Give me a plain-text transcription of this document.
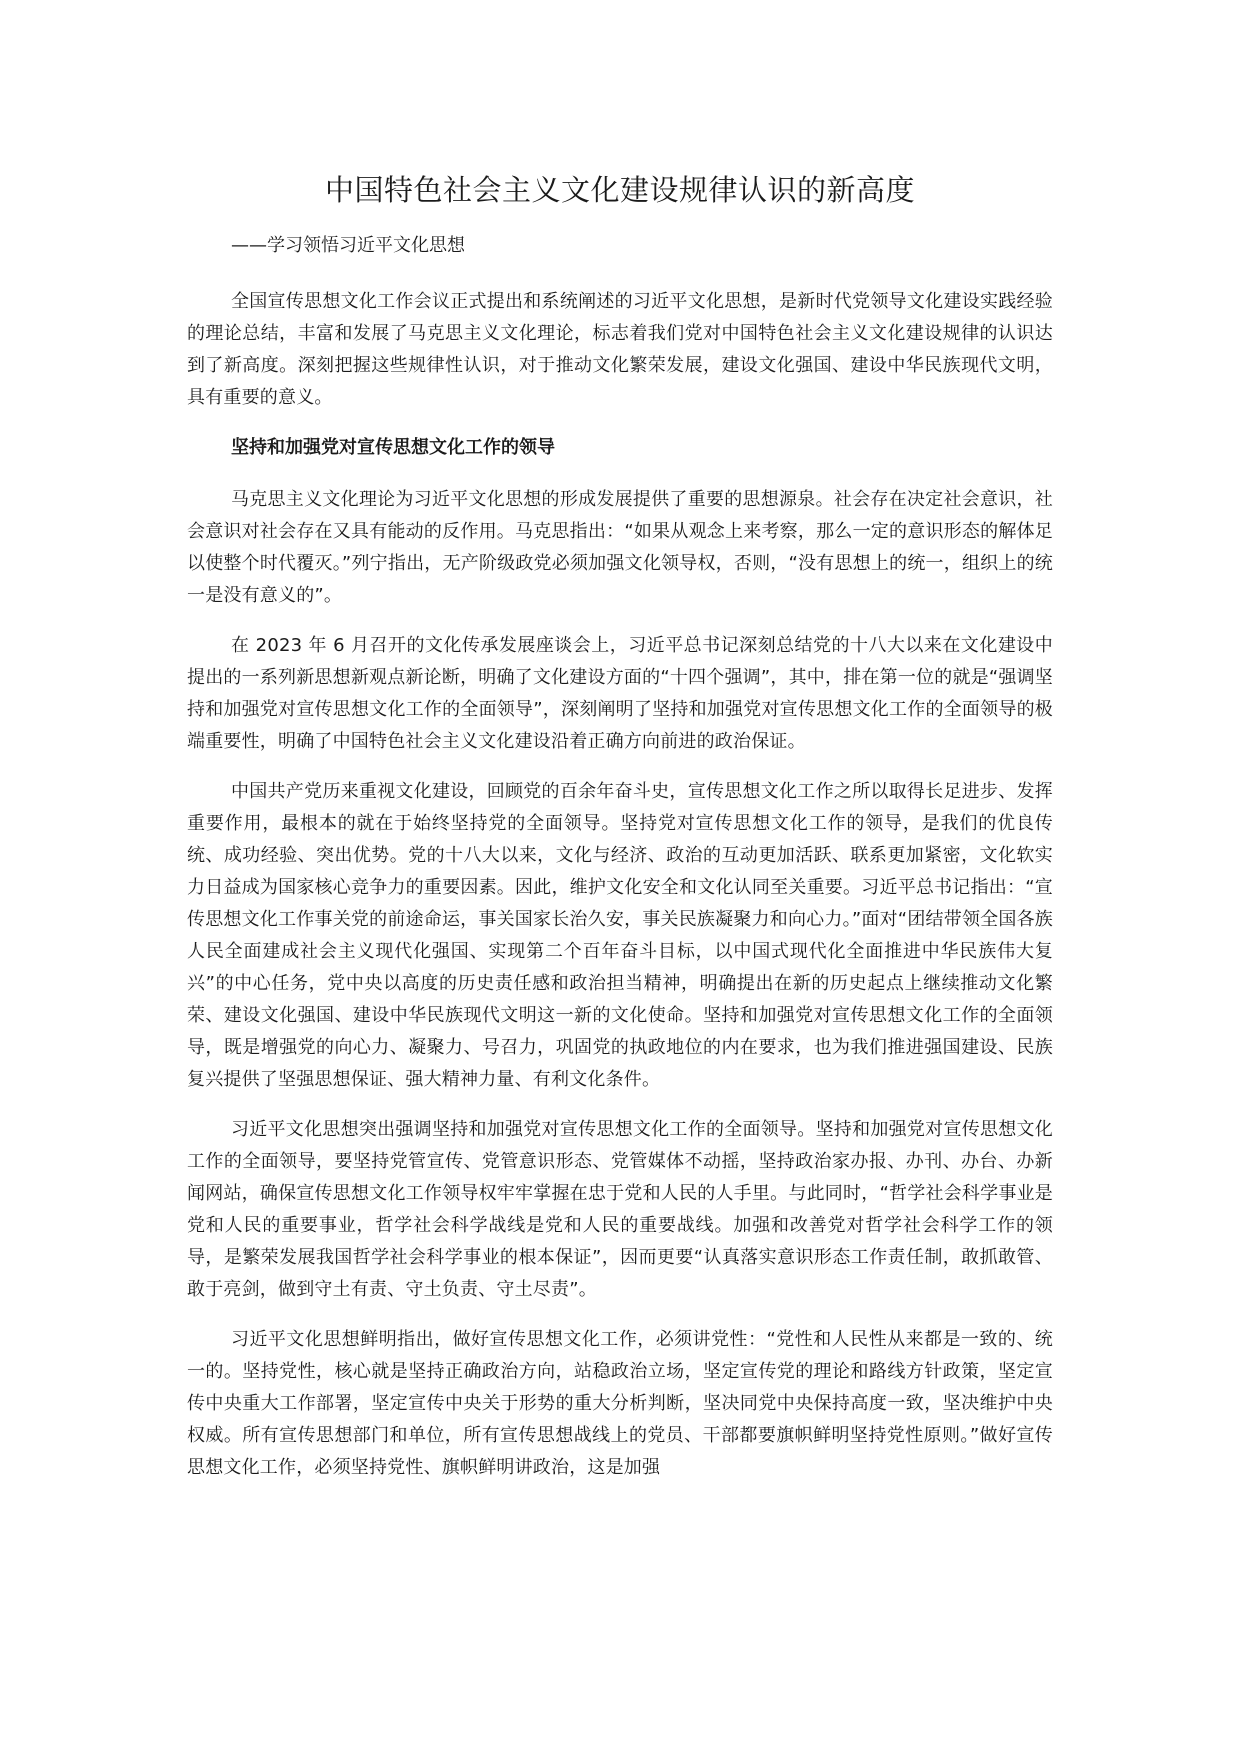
中国特色社会主义文化建设规律认识的新高度
——学习领悟习近平文化思想

全国宣传思想文化工作会议正式提出和系统阐述的习近平文化思想，是新时代党领导文化建设实践经验的理论总结，丰富和发展了马克思主义文化理论，标志着我们党对中国特色社会主义文化建设规律的认识达到了新高度。深刻把握这些规律性认识，对于推动文化繁荣发展，建设文化强国、建设中华民族现代文明，具有重要的意义。

坚持和加强党对宣传思想文化工作的领导

马克思主义文化理论为习近平文化思想的形成发展提供了重要的思想源泉。社会存在决定社会意识，社会意识对社会存在又具有能动的反作用。马克思指出：“如果从观念上来考察，那么一定的意识形态的解体足以使整个时代覆灭。”列宁指出，无产阶级政党必须加强文化领导权，否则，“没有思想上的统一，组织上的统一是没有意义的”。

在 2023 年 6 月召开的文化传承发展座谈会上，习近平总书记深刻总结党的十八大以来在文化建设中提出的一系列新思想新观点新论断，明确了文化建设方面的“十四个强调”，其中，排在第一位的就是“强调坚持和加强党对宣传思想文化工作的全面领导”，深刻阐明了坚持和加强党对宣传思想文化工作的全面领导的极端重要性，明确了中国特色社会主义文化建设沿着正确方向前进的政治保证。

中国共产党历来重视文化建设，回顾党的百余年奋斗史，宣传思想文化工作之所以取得长足进步、发挥重要作用，最根本的就在于始终坚持党的全面领导。坚持党对宣传思想文化工作的领导，是我们的优良传统、成功经验、突出优势。党的十八大以来，文化与经济、政治的互动更加活跃、联系更加紧密，文化软实力日益成为国家核心竞争力的重要因素。因此，维护文化安全和文化认同至关重要。习近平总书记指出：“宣传思想文化工作事关党的前途命运，事关国家长治久安，事关民族凝聚力和向心力。”面对“团结带领全国各族人民全面建成社会主义现代化强国、实现第二个百年奋斗目标，以中国式现代化全面推进中华民族伟大复兴”的中心任务，党中央以高度的历史责任感和政治担当精神，明确提出在新的历史起点上继续推动文化繁荣、建设文化强国、建设中华民族现代文明这一新的文化使命。坚持和加强党对宣传思想文化工作的全面领导，既是增强党的向心力、凝聚力、号召力，巩固党的执政地位的内在要求，也为我们推进强国建设、民族复兴提供了坚强思想保证、强大精神力量、有利文化条件。

习近平文化思想突出强调坚持和加强党对宣传思想文化工作的全面领导。坚持和加强党对宣传思想文化工作的全面领导，要坚持党管宣传、党管意识形态、党管媒体不动摇，坚持政治家办报、办刊、办台、办新闻网站，确保宣传思想文化工作领导权牢牢掌握在忠于党和人民的人手里。与此同时，“哲学社会科学事业是党和人民的重要事业，哲学社会科学战线是党和人民的重要战线。加强和改善党对哲学社会科学工作的领导，是繁荣发展我国哲学社会科学事业的根本保证”，因而更要“认真落实意识形态工作责任制，敢抓敢管、敢于亮剑，做到守土有责、守土负责、守土尽责”。

习近平文化思想鲜明指出，做好宣传思想文化工作，必须讲党性：“党性和人民性从来都是一致的、统一的。坚持党性，核心就是坚持正确政治方向，站稳政治立场，坚定宣传党的理论和路线方针政策，坚定宣传中央重大工作部署，坚定宣传中央关于形势的重大分析判断，坚决同党中央保持高度一致，坚决维护中央权威。所有宣传思想部门和单位，所有宣传思想战线上的党员、干部都要旗帜鲜明坚持党性原则。”做好宣传思想文化工作，必须坚持党性、旗帜鲜明讲政治，这是加强
